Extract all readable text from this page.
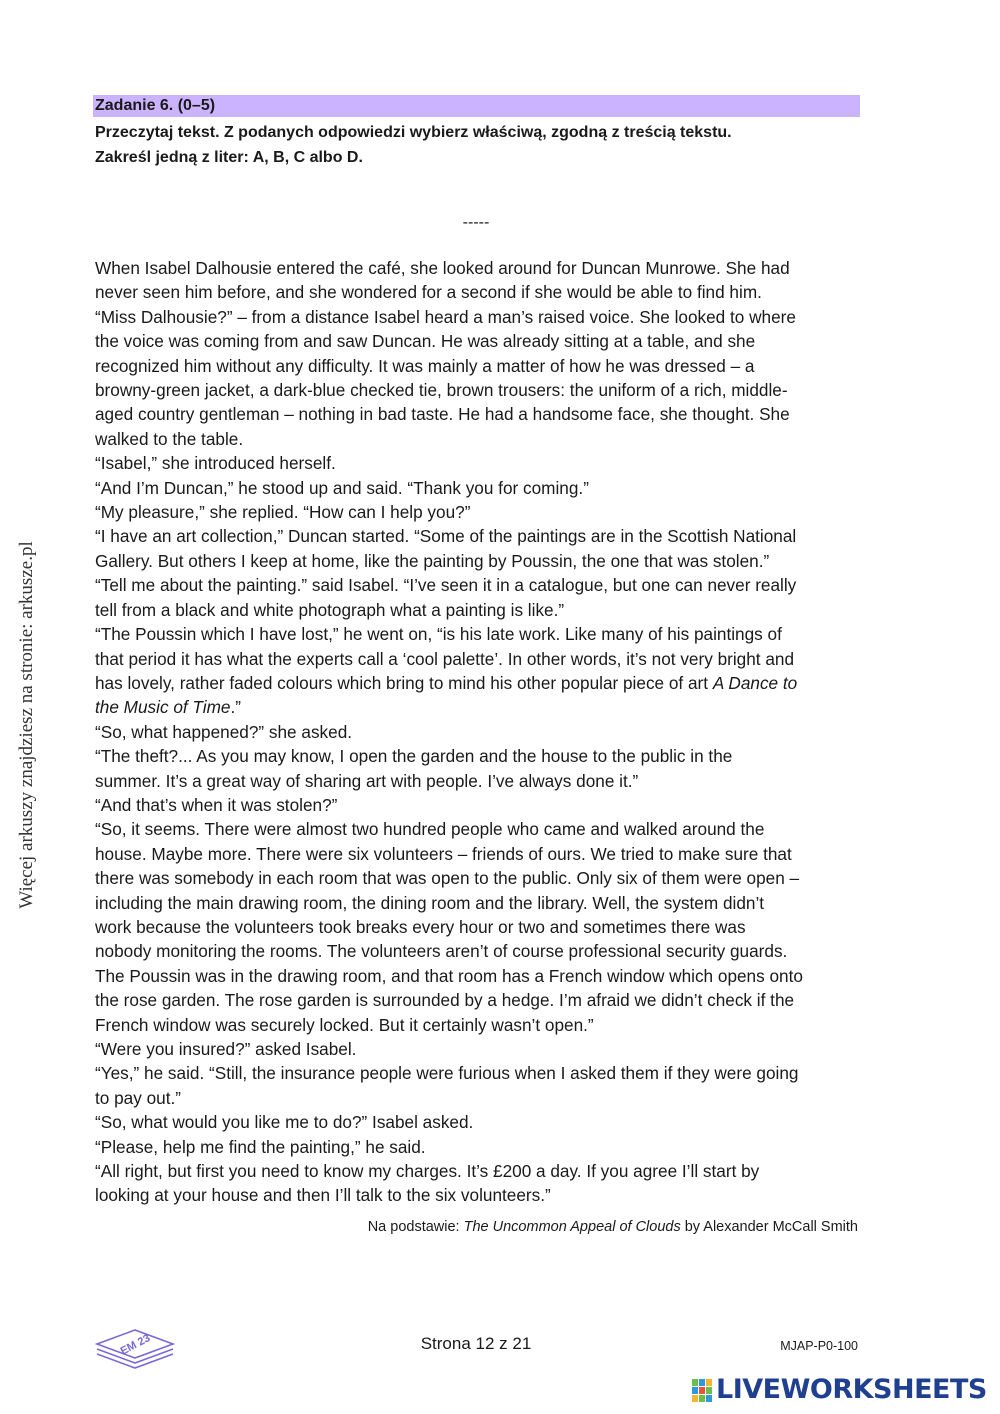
Więcej arkuszy znajdziesz na stronie: arkusze.pl
Zadanie 6. (0–5)
Przeczytaj tekst. Z podanych odpowiedzi wybierz właściwą, zgodną z treścią tekstu.
Zakreśl jedną z liter: A, B, C albo D.
-----
When Isabel Dalhousie entered the café, she looked around for Duncan Munrowe. She had
never seen him before, and she wondered for a second if she would be able to find him.
“Miss Dalhousie?” – from a distance Isabel heard a man’s raised voice. She looked to where
the voice was coming from and saw Duncan. He was already sitting at a table, and she
recognized him without any difficulty. It was mainly a matter of how he was dressed – a
browny-green jacket, a dark-blue checked tie, brown trousers: the uniform of a rich, middle-
aged country gentleman – nothing in bad taste. He had a handsome face, she thought. She
walked to the table.
“Isabel,” she introduced herself.
“And I’m Duncan,” he stood up and said. “Thank you for coming.”
“My pleasure,” she replied. “How can I help you?”
“I have an art collection,” Duncan started. “Some of the paintings are in the Scottish National
Gallery. But others I keep at home, like the painting by Poussin, the one that was stolen.”
“Tell me about the painting.” said Isabel. “I’ve seen it in a catalogue, but one can never really
tell from a black and white photograph what a painting is like.”
“The Poussin which I have lost,” he went on, “is his late work. Like many of his paintings of
that period it has what the experts call a ‘cool palette’. In other words, it’s not very bright and
has lovely, rather faded colours which bring to mind his other popular piece of art A Dance to
the Music of Time.”
“So, what happened?” she asked.
“The theft?... As you may know, I open the garden and the house to the public in the
summer. It’s a great way of sharing art with people. I’ve always done it.”
“And that’s when it was stolen?”
“So, it seems. There were almost two hundred people who came and walked around the
house. Maybe more. There were six volunteers – friends of ours. We tried to make sure that
there was somebody in each room that was open to the public. Only six of them were open –
including the main drawing room, the dining room and the library. Well, the system didn’t
work because the volunteers took breaks every hour or two and sometimes there was
nobody monitoring the rooms. The volunteers aren’t of course professional security guards.
The Poussin was in the drawing room, and that room has a French window which opens onto
the rose garden. The rose garden is surrounded by a hedge. I’m afraid we didn’t check if the
French window was securely locked. But it certainly wasn’t open.”
“Were you insured?” asked Isabel.
“Yes,” he said. “Still, the insurance people were furious when I asked them if they were going
to pay out.”
“So, what would you like me to do?” Isabel asked.
“Please, help me find the painting,” he said.
“All right, but first you need to know my charges. It’s £200 a day. If you agree I’ll start by
looking at your house and then I’ll talk to the six volunteers.”
Na podstawie: The Uncommon Appeal of Clouds by Alexander McCall Smith
EM 23	Strona 12 z 21	MJAP-P0-100
LIVEWORKSHEETS
